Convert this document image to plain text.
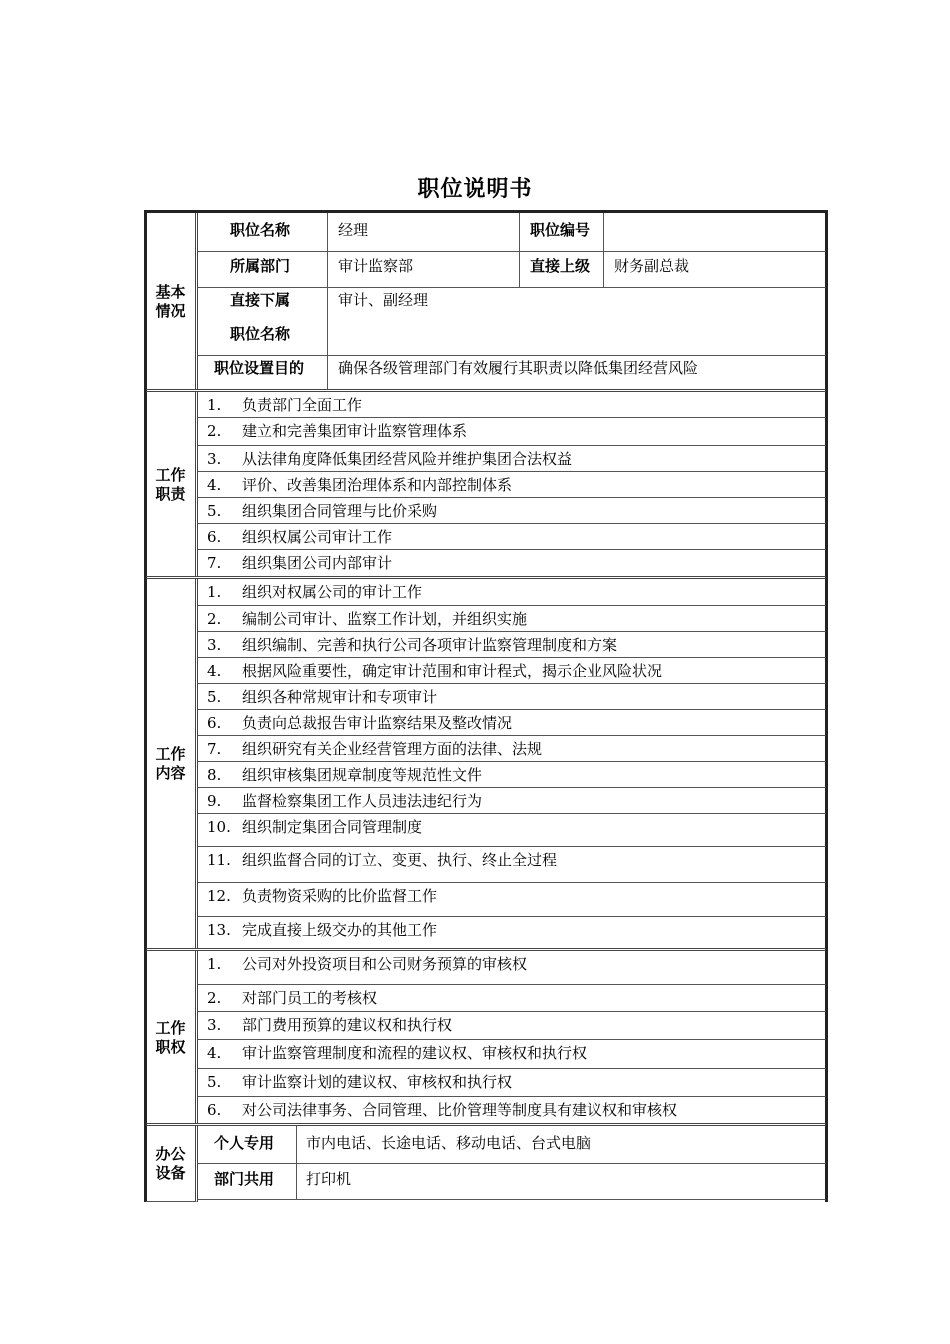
职位说明书
基本
情况
职位名称	经理	职位编号
所属部门	审计监察部	直接上级 财务副总裁
直接下属
职位名称
审计、副经理
职位设置目的 确保各级管理部门有效履行其职责以降低集团经营风险
工作
职责
1. 负责部门全面工作
2. 建立和完善集团审计监察管理体系
3. 从法律角度降低集团经营风险并维护集团合法权益
4. 评价、改善集团治理体系和内部控制体系
5. 组织集团合同管理与比价采购
6. 组织权属公司审计工作
7. 组织集团公司内部审计
工作
内容
1. 组织对权属公司的审计工作
2. 编制公司审计、监察工作计划，并组织实施
3. 组织编制、完善和执行公司各项审计监察管理制度和方案
4. 根据风险重要性，确定审计范围和审计程式，揭示企业风险状况
5. 组织各种常规审计和专项审计
6. 负责向总裁报告审计监察结果及整改情况
7. 组织研究有关企业经营管理方面的法律、法规
8. 组织审核集团规章制度等规范性文件
9. 监督检察集团工作人员违法违纪行为
10. 组织制定集团合同管理制度
11. 组织监督合同的订立、变更、执行、终止全过程
12. 负责物资采购的比价监督工作
13. 完成直接上级交办的其他工作
工作
职权
1. 公司对外投资项目和公司财务预算的审核权
2. 对部门员工的考核权
3. 部门费用预算的建议权和执行权
4. 审计监察管理制度和流程的建议权、审核权和执行权
5. 审计监察计划的建议权、审核权和执行权
6. 对公司法律事务、合同管理、比价管理等制度具有建议权和审核权
办公
设备
个人专用 市内电话、长途电话、移动电话、台式电脑
部门共用 打印机
